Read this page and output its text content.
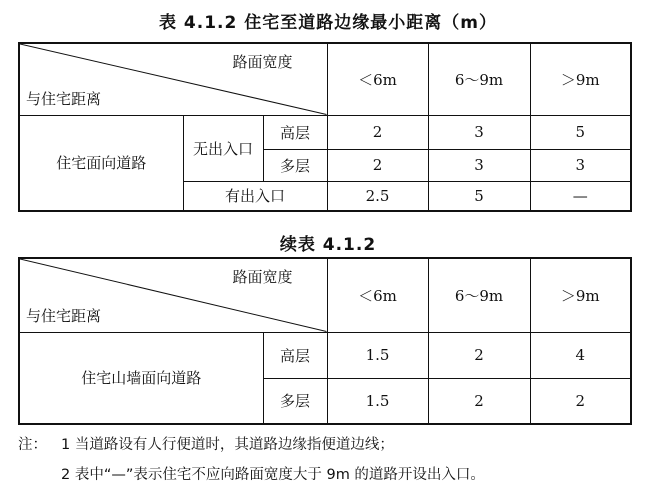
表 4.1.2 住宅至道路边缘最小距离（m）
路面宽度
与住宅距离			＜6m	6～9m	＞9m
住宅面向道路	无出入口	高层	2	3	5
		多层	2	3	3
	有出入口		2.5	5	—
续表 4.1.2
路面宽度
与住宅距离		＜6m	6～9m	＞9m
住宅山墙面向道路	高层	1.5	2	4
	多层	1.5	2	2
注： 1 当道路设有人行便道时，其道路边缘指便道边线；
2 表中“—”表示住宅不应向路面宽度大于 9m 的道路开设出入口。
